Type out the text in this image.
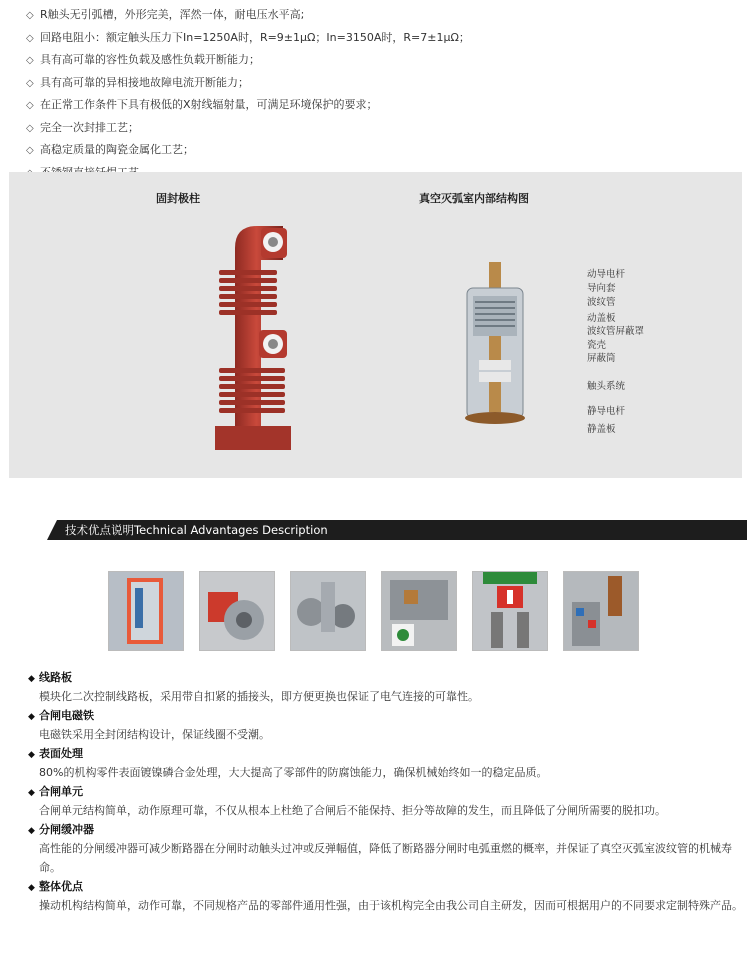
◇ R触头无引弧槽，外形完美，浑然一体，耐电压水平高;
◇ 回路电阻小：额定触头压力下In=1250A时，R=9±1μΩ；In=3150A时，R=7±1μΩ；
◇ 具有高可靠的容性负载及感性负载开断能力；
◇ 具有高可靠的异相接地故障电流开断能力；
◇ 在正常工作条件下具有极低的X射线辐射量，可满足环境保护的要求；
◇ 完全一次封排工艺；
◇ 高稳定质量的陶瓷金属化工艺；
固封极柱	真空灭弧室内部结构图
动导电杆
导向套
波纹管
动盖板
波纹管屏蔽罩
瓷壳
屏蔽筒
触头系统
静导电杆
静盖板
技术优点说明Technical Advantages Description
◆ 线路板
模块化二次控制线路板，采用带自扣紧的插接头，即方便更换也保证了电气连接的可靠性。
◆ 合闸电磁铁
电磁铁采用全封闭结构设计，保证线圈不受潮。
◆ 表面处理
80%的机构零件表面镀镍磷合金处理，大大提高了零部件的防腐蚀能力，确保机械始终如一的稳定品质。
◆ 合闸单元
合闸单元结构简单，动作原理可靠，不仅从根本上杜绝了合闸后不能保持、拒分等故障的发生，而且降低了分闸所需要的脱扣功。
◆ 分闸缓冲器
高性能的分闸缓冲器可减少断路器在分闸时动触头过冲或反弹幅值，降低了断路器分闸时电弧重燃的概率，并保证了真空灭弧室波纹管的机械寿命。
◆ 整体优点
操动机构结构简单，动作可靠，不同规格产品的零部件通用性强，由于该机构完全由我公司自主研发，因而可根据用户的不同要求定制特殊产品。
